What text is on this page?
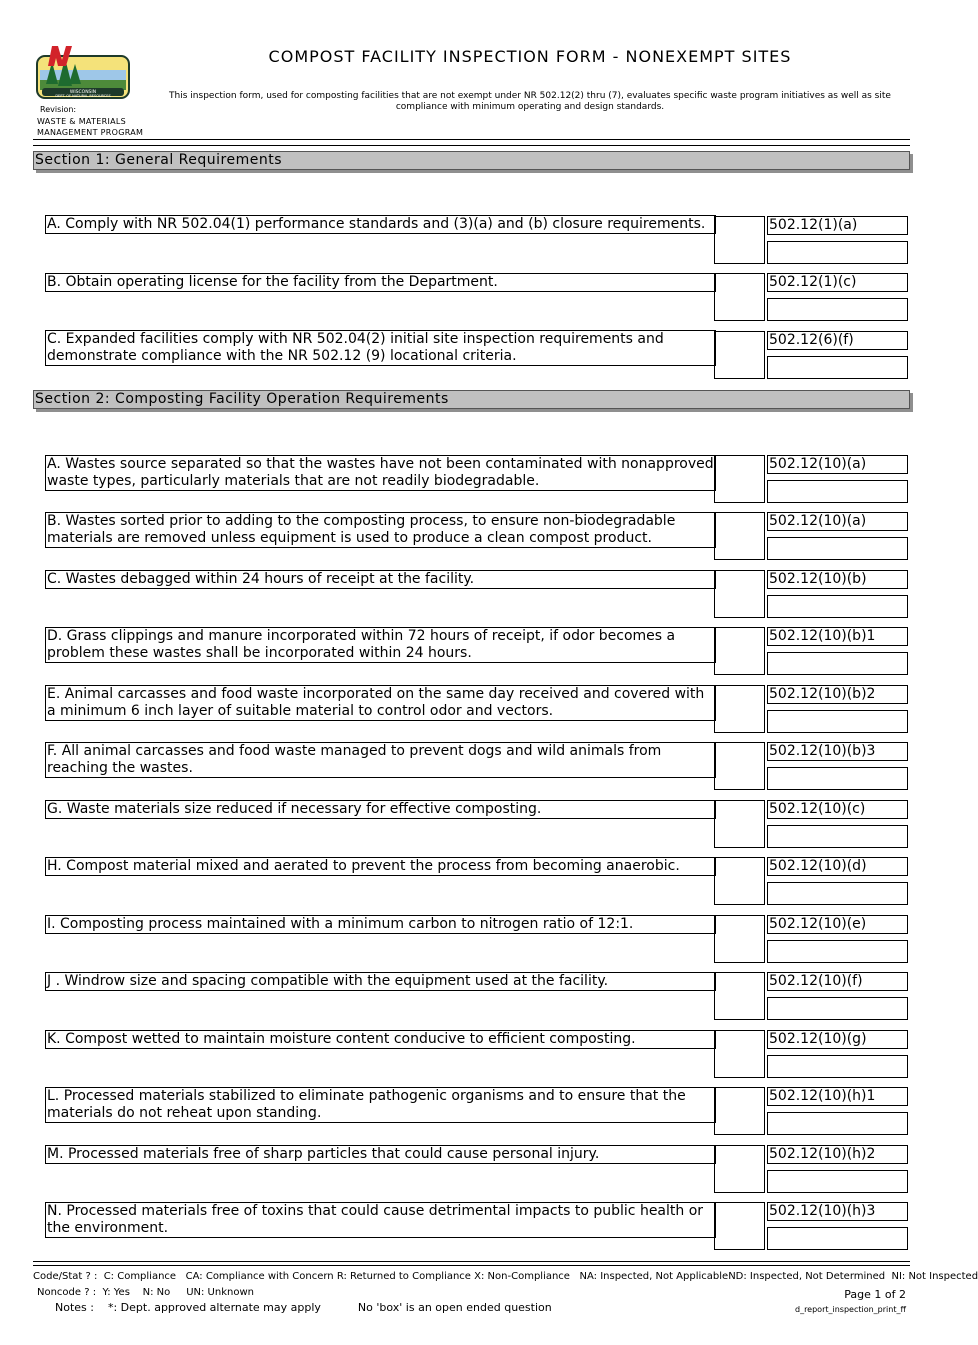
WISCONSIN
DEPT. OF NATURAL RESOURCES
Revision:
WASTE & MATERIALS
MANAGEMENT PROGRAM
COMPOST FACILITY INSPECTION FORM - NONEXEMPT SITES
This inspection form, used for composting facilities that are not exempt under NR 502.12(2) thru (7), evaluates specific waste program initiatives as well as site compliance with minimum operating and design standards.
Section 1: General Requirements
A. Comply with NR 502.04(1) performance standards and (3)(a) and (b) closure requirements.	502.12(1)(a)
B. Obtain operating license for the facility from the Department.	502.12(1)(c)
C. Expanded facilities comply with NR 502.04(2) initial site inspection requirements and demonstrate compliance with the NR 502.12 (9) locational criteria.
502.12(6)(f)
Section 2: Composting Facility Operation Requirements
A. Wastes source separated so that the wastes have not been contaminated with nonapproved waste types, particularly materials that are not readily biodegradable.
502.12(10)(a)
B. Wastes sorted prior to adding to the composting process, to ensure non-biodegradable materials are removed unless equipment is used to produce a clean compost product.
502.12(10)(a)
C. Wastes debagged within 24 hours of receipt at the facility.	502.12(10)(b)
D. Grass clippings and manure incorporated within 72 hours of receipt, if odor becomes a problem these wastes shall be incorporated within 24 hours.
502.12(10)(b)1
E. Animal carcasses and food waste incorporated on the same day received and covered with a minimum 6 inch layer of suitable material to control odor and vectors.
502.12(10)(b)2
F. All animal carcasses and food waste managed to prevent dogs and wild animals from reaching the wastes.
502.12(10)(b)3
G. Waste materials size reduced if necessary for effective composting.	502.12(10)(c)
H. Compost material mixed and aerated to prevent the process from becoming anaerobic.	502.12(10)(d)
I. Composting process maintained with a minimum carbon to nitrogen ratio of 12:1.	502.12(10)(e)
J . Windrow size and spacing compatible with the equipment used at the facility.	502.12(10)(f)
K. Compost wetted to maintain moisture content conducive to efficient composting.	502.12(10)(g)
L. Processed materials stabilized to eliminate pathogenic organisms and to ensure that the materials do not reheat upon standing.
502.12(10)(h)1
M. Processed materials free of sharp particles that could cause personal injury.	502.12(10)(h)2
N. Processed materials free of toxins that could cause detrimental impacts to public health or the environment.
502.12(10)(h)3
Code/Stat ? : C: Compliance CA: Compliance with Concern R: Returned to Compliance X: Non-Compliance NA: Inspected, Not ApplicableND: Inspected, Not Determined NI: Not Inspected
Noncode ? : Y: Yes N: No UN: Unknown
Notes : *: Dept. approved alternate may apply	No 'box' is an open ended question
Page 1 of 2
d_report_inspection_print_ff
